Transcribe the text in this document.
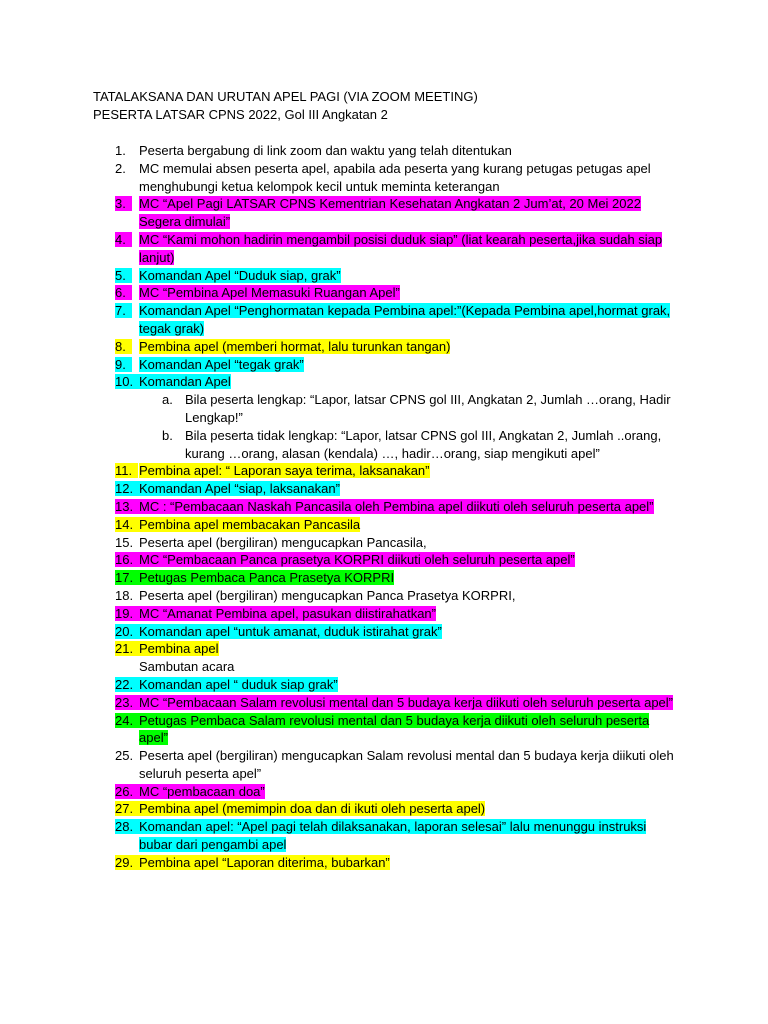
TATALAKSANA DAN URUTAN APEL PAGI (VIA ZOOM MEETING)
PESERTA LATSAR CPNS 2022, Gol III Angkatan 2
1.	Peserta bergabung di link zoom dan waktu yang telah ditentukan
2.	MC memulai absen peserta apel, apabila ada peserta yang kurang petugas petugas apel menghubungi ketua kelompok kecil untuk meminta keterangan
3.	MC “Apel Pagi LATSAR CPNS Kementrian Kesehatan Angkatan 2 Jum’at, 20 Mei 2022 Segera dimulai”
4.	MC “Kami mohon hadirin mengambil posisi duduk siap” (liat kearah peserta,jika sudah siap lanjut)
5.	Komandan Apel “Duduk siap, grak”
6.	MC “Pembina Apel Memasuki Ruangan Apel”
7.	Komandan Apel “Penghormatan kepada Pembina apel:”(Kepada Pembina apel,hormat grak, tegak grak)
8.	Pembina apel (memberi hormat, lalu turunkan tangan)
9.	Komandan Apel “tegak grak”
10. Komandan Apel
a. Bila peserta lengkap: “Lapor, latsar CPNS gol III, Angkatan 2, Jumlah …orang, Hadir Lengkap!”
b. Bila peserta tidak lengkap: “Lapor, latsar CPNS gol III, Angkatan 2, Jumlah ..orang, kurang …orang, alasan (kendala) …, hadir…orang, siap mengikuti apel”
11. Pembina apel: “ Laporan saya terima, laksanakan”
12. Komandan Apel “siap, laksanakan”
13. MC : “Pembacaan Naskah Pancasila oleh Pembina apel diikuti oleh seluruh peserta apel”
14. Pembina apel membacakan Pancasila
15. Peserta apel (bergiliran) mengucapkan Pancasila,
16. MC “Pembacaan Panca prasetya KORPRI diikuti oleh seluruh peserta apel”
17. Petugas Pembaca Panca Prasetya KORPRI
18. Peserta apel (bergiliran) mengucapkan Panca Prasetya KORPRI,
19. MC “Amanat Pembina apel, pasukan diistirahatkan”
20. Komandan apel “untuk amanat, duduk istirahat grak”
21. Pembina apel
Sambutan acara
22. Komandan apel “ duduk siap grak”
23. MC “Pembacaan Salam revolusi mental dan 5 budaya kerja diikuti oleh seluruh peserta apel”
24. Petugas Pembaca Salam revolusi mental dan 5 budaya kerja diikuti oleh seluruh peserta apel”
25. Peserta apel (bergiliran) mengucapkan Salam revolusi mental dan 5 budaya kerja diikuti oleh seluruh peserta apel”
26. MC “pembacaan doa”
27. Pembina apel (memimpin doa dan di ikuti oleh peserta apel)
28. Komandan apel: “Apel pagi telah dilaksanakan, laporan selesai” lalu menunggu instruksi bubar dari pengambi apel
29. Pembina apel “Laporan diterima, bubarkan”
